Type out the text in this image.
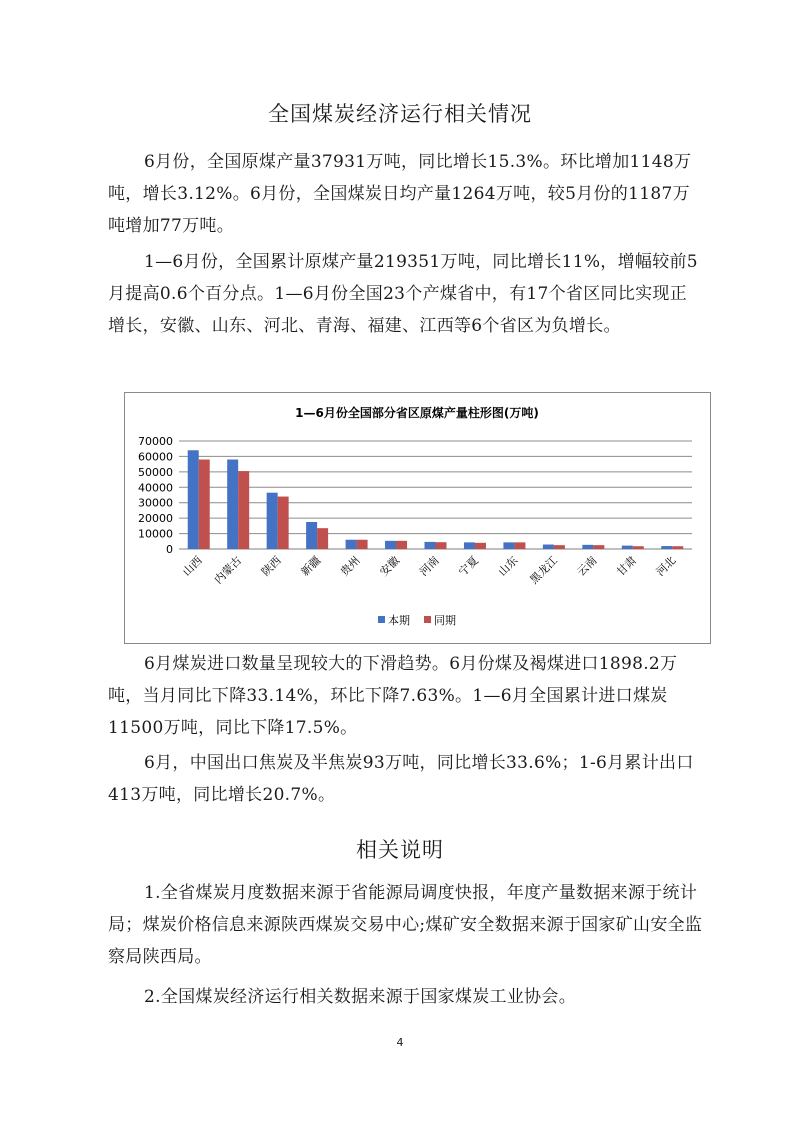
全国煤炭经济运行相关情况

6月份，全国原煤产量37931万吨，同比增长15.3%。环比增加1148万吨，增长3.12%。6月份，全国煤炭日均产量1264万吨，较5月份的1187万吨增加77万吨。

1—6月份，全国累计原煤产量219351万吨，同比增长11%，增幅较前5月提高0.6个百分点。1—6月份全国23个产煤省中，有17个省区同比实现正增长，安徽、山东、河北、青海、福建、江西等6个省区为负增长。

1—6月份全国部分省区原煤产量柱形图(万吨)
0
10000
20000
30000
40000
50000
60000
70000
山西 内蒙古 陕西 新疆 贵州 安徽 河南 宁夏 山东 黑龙江 云南 甘肃 河北
本期 同期

6月煤炭进口数量呈现较大的下滑趋势。6月份煤及褐煤进口1898.2万吨，当月同比下降33.14%，环比下降7.63%。1—6月全国累计进口煤炭11500万吨，同比下降17.5%。

6月，中国出口焦炭及半焦炭93万吨，同比增长33.6%；1-6月累计出口413万吨，同比增长20.7%。

相关说明

1.全省煤炭月度数据来源于省能源局调度快报，年度产量数据来源于统计局；煤炭价格信息来源陕西煤炭交易中心;煤矿安全数据来源于国家矿山安全监察局陕西局。

2.全国煤炭经济运行相关数据来源于国家煤炭工业协会。

4
